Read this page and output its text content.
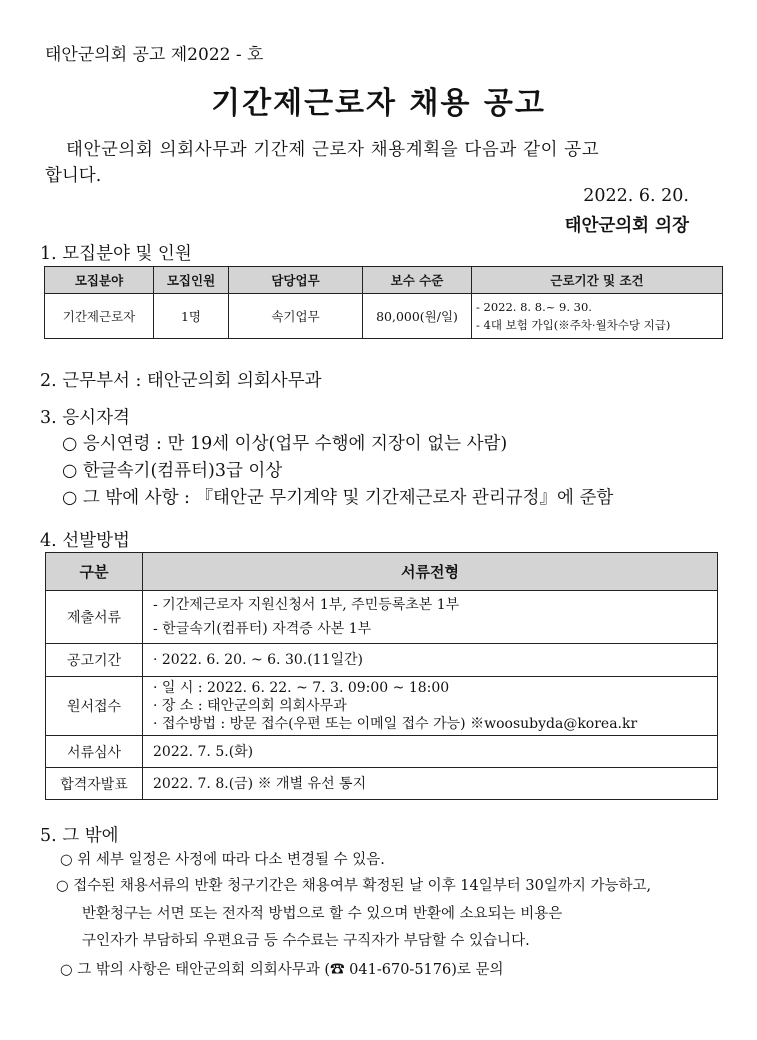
태안군의회 공고 제2022 - 호
기간제근로자 채용 공고
태안군의회 의회사무과 기간제 근로자 채용계획을 다음과 같이 공고
합니다.
2022. 6. 20.
태안군의회 의장
1. 모집분야 및 인원
모집분야	모집인원	담당업무	보수 수준	근로기간 및 조건
기간제근로자	1명	속기업무	80,000(원/일)	- 2022. 8. 8.~ 9. 30.
- 4대 보험 가입(※주차·월차수당 지급)
2. 근무부서 : 태안군의회 의회사무과
3. 응시자격
○ 응시연령 : 만 19세 이상(업무 수행에 지장이 없는 사람)
○ 한글속기(컴퓨터)3급 이상
○ 그 밖에 사항 : 『태안군 무기계약 및 기간제근로자 관리규정』에 준함
4. 선발방법
구분	서류전형
제출서류	- 기간제근로자 지원신청서 1부, 주민등록초본 1부
- 한글속기(컴퓨터) 자격증 사본 1부

공고기간	· 2022. 6. 20. ~ 6. 30.(11일간)

원서접수	· 일 시 : 2022. 6. 22. ~ 7. 3. 09:00 ~ 18:00
· 장 소 : 태안군의회 의회사무과
· 접수방법 : 방문 접수(우편 또는 이메일 접수 가능) ※woosubyda@korea.kr

서류심사	2022. 7. 5.(화)

합격자발표	2022. 7. 8.(금) ※ 개별 유선 통지
5. 그 밖에
○ 위 세부 일정은 사정에 따라 다소 변경될 수 있음.
○ 접수된 채용서류의 반환 청구기간은 채용여부 확정된 날 이후 14일부터 30일까지 가능하고,
반환청구는 서면 또는 전자적 방법으로 할 수 있으며 반환에 소요되는 비용은
구인자가 부담하되 우편요금 등 수수료는 구직자가 부담할 수 있습니다.
○ 그 밖의 사항은 태안군의회 의회사무과 (☎ 041-670-5176)로 문의
